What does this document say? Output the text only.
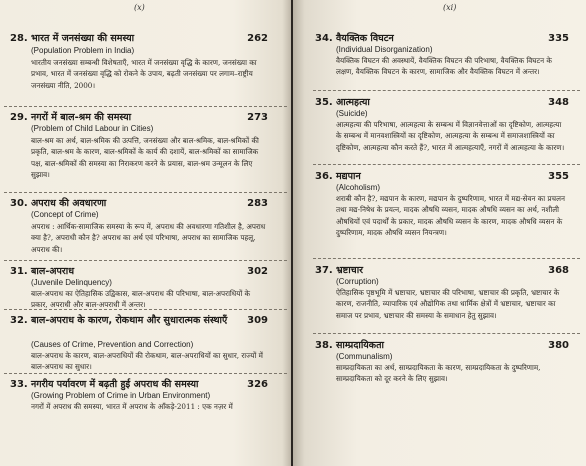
(x)
28. भारत में जनसंख्या की समस्या	262
(Population Problem in India)
भारतीय जनसंख्या सम्बन्धी विशेषताएँ, भारत में जनसंख्या वृद्धि के कारण, जनसंख्या का प्रभाव, भारत में जनसंख्या वृद्धि को रोकने के उपाय, बढ़ती जनसंख्या पर लगाम–राष्ट्रीय जनसंख्या नीति, 2000।
29. नगरों में बाल-श्रम की समस्या	273
(Problem of Child Labour in Cities)
बाल-श्रम का अर्थ, बाल-श्रमिक की उत्पत्ति, जनसंख्या और बाल-श्रमिक, बाल-श्रमिकों की प्रकृति, बाल-श्रम के कारण, बाल-श्रमिकों के कार्य की दशायें, बाल-श्रमिकों का सामाजिक पक्ष, बाल-श्रमिकों की समस्या का निराकरण करने के प्रयास, बाल-श्रम उन्मूलन के लिए सुझाव।
30. अपराध की अवधारणा	283
(Concept of Crime)
अपराध : आर्थिक-सामाजिक समस्या के रूप में, अपराध की अवधारणा गतिशील है, अपराध क्या है?, अपराधी कौन है? अपराध का अर्थ एवं परिभाषा, अपराध का सामाजिक पहलू, अपराध की।
31. बाल-अपराध	302
(Juvenile Delinquency)
बाल-अपराध का ऐतिहासिक उद्विकास, बाल-अपराध की परिभाषा, बाल-अपराधियों के प्रकार, अपराधी और बाल-अपराधी में अन्तर।
32. बाल-अपराध के कारण, रोकथाम और सुधारात्मक संस्थाएँ	309
(Causes of Crime, Prevention and Correction)
बाल-अपराध के कारण, बाल-अपराधियों की रोकथाम, बाल-अपराधियों का सुधार, राज्यों में बाल-अपराध का सुधार।
33. नगरीय पर्यावरण में बढ़ती हुई अपराध की समस्या	326
(Growing Problem of Crime in Urban Environment)
नगरों में अपराध की समस्या, भारत में अपराध के आँकड़े-2011 : एक नज़र में
(xi)
34. वैयक्तिक विघटन	335
(Individual Disorganization)
वैयक्तिक विघटन की अवस्थायें, वैयक्तिक विघटन की परिभाषा, वैयक्तिक विघटन के लक्षण, वैयक्तिक विघटन के कारण, सामाजिक और वैयक्तिक विघटन में अन्तर।
35. आत्महत्या	348
(Suicide)
आत्महत्या की परिभाषा, आत्महत्या के सम्बन्ध में विज्ञानवेत्ताओं का दृष्टिकोण, आत्महत्या के सम्बन्ध में मानवशास्त्रियों का दृष्टिकोण, आत्महत्या के सम्बन्ध में समाजशास्त्रियों का दृष्टिकोण, आत्महत्या कौन करते हैं?, भारत में आत्महत्याएँ, नगरों में आत्महत्या के कारण।
36. मद्यपान	355
(Alcoholism)
शराबी कौन है?, मद्यपान के कारण, मद्यपान के दुष्परिणाम, भारत में मद्य-सेवन का प्रचलन तथा मद्य-निषेध के प्रयत्न, मादक औषधि व्यसन, मादक औषधि व्यसन का अर्थ, नशीली औषधियों एवं पदार्थों के प्रकार, मादक औषधि व्यसन के कारण, मादक औषधि व्यसन के दुष्परिणाम, मादक औषधि व्यसन नियन्त्रण।
37. भ्रष्टाचार	368
(Corruption)
ऐतिहासिक पृष्ठभूमि में भ्रष्टाचार, भ्रष्टाचार की परिभाषा, भ्रष्टाचार की प्रकृति, भ्रष्टाचार के कारण, राजनीति, व्यापारिक एवं औद्योगिक तथा धार्मिक क्षेत्रों में भ्रष्टाचार, भ्रष्टाचार का समाज पर प्रभाव, भ्रष्टाचार की समस्या के समाधान हेतु सुझाव।
38. साम्प्रदायिकता	380
(Communalism)
साम्प्रदायिकता का अर्थ, साम्प्रदायिकता के कारण, साम्प्रदायिकता के दुष्परिणाम, साम्प्रदायिकता को दूर करने के लिए सुझाव।
